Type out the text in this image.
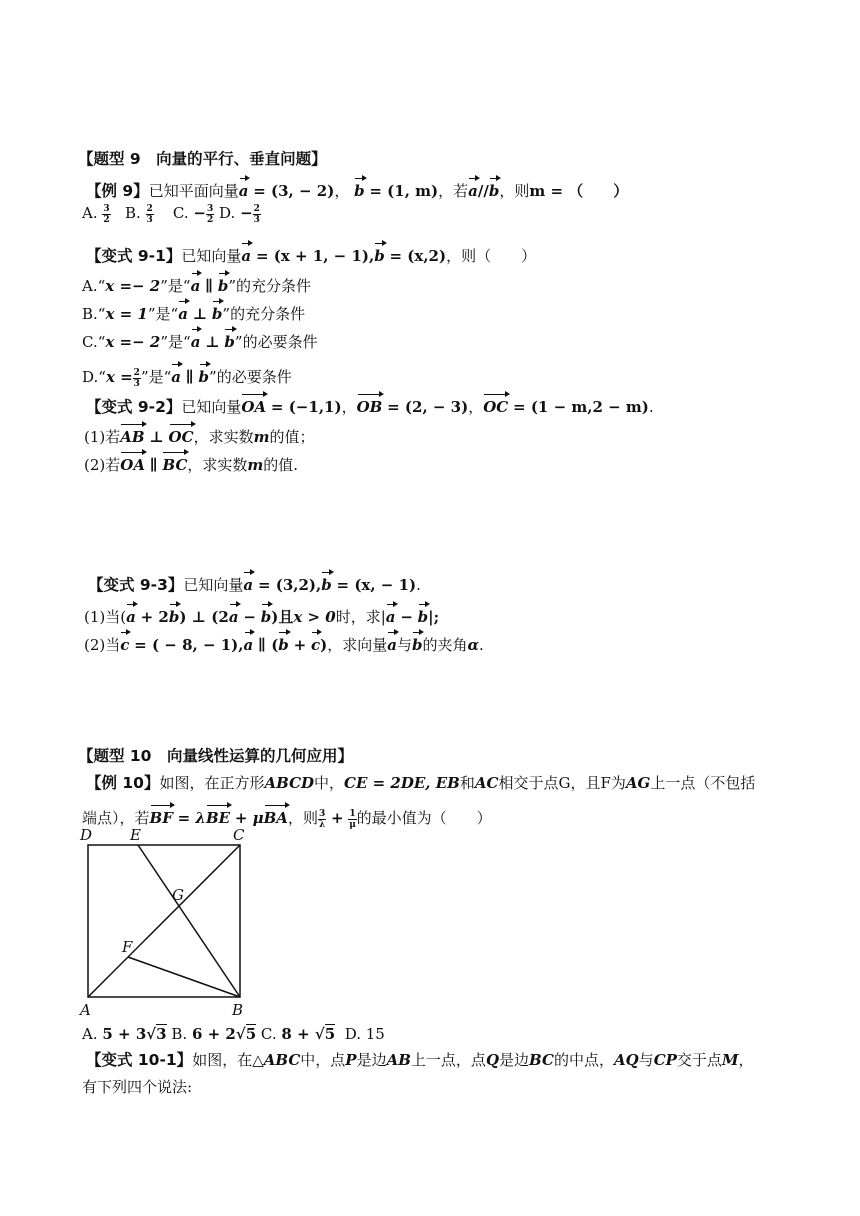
【题型 9　向量的平行、垂直问题】
【例 9】已知平面向量a = (3, − 2)， b = (1, m)，若a//b，则m = （　　）
A. $\frac{3}{2} B$. $\frac{2}{3} C$. − $\frac{3}{2} D$. − $\frac{2}{3}$
【变式 9-1】已知向量a = (x + 1, − 1),b = (x,2)，则（　　）
A.“x =− 2”是“a ∥ b”的充分条件
B.“x = 1”是“a ⊥ b”的充分条件
C.“x =− 2”是“a ⊥ b”的必要条件
D.“x = $\frac{2}{3}$ ”是“a ∥ b”的必要条件
【变式 9-2】已知向量OA = (−1,1)，OB = (2, − 3)，OC = (1 − m,2 − m).
(1)若AB ⊥ OC，求实数m的值；
(2)若OA ∥ BC，求实数m的值.
【变式 9-3】已知向量a = (3,2),b = (x, − 1).
(1)当(a + 2b) ⊥ (2a − b)且x > 0时，求|a − b|;
(2)当c = ( − 8, − 1),a ∥ (b + c)，求向量a与b的夹角α.
【题型 10　向量线性运算的几何应用】
【例 10】如图，在正方形ABCD中，CE = 2DE, EB和AC相交于点G，且F为AG上一点（不包括
端点），若BF = λBE + μBA，则 $\frac{3}{\lambda} + \frac{1}{\mu}$ 的最小值为（　　）
D	E	C
G
F
A	B
A. 5 + 3√3 B. 6 + 2√5 C. 8 + √5 D. 15
【变式 10-1】如图，在△ABC中，点P是边AB上一点，点Q是边BC的中点，AQ与CP交于点M，
有下列四个说法:
